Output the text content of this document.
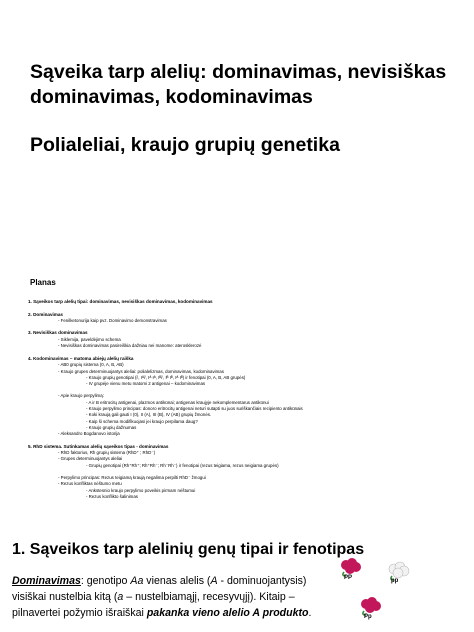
Sąveika tarp alelių: dominavimas, nevisiškas dominavimas, kodominavimas
Polialeliai, kraujo grupių genetika
Planas
1. Sąveikos tarp alelių tipai: dominavimas, nevisiškas dominavimas, kodominavimas
2. Dominavimas
- Fenilketonurija kaip pvz. Dominavimo demonstravimas
3. Nevisiškas dominavimas
- Siklemija, paveldėjimo schema
- Nevisiškas dominavimas pasireiškia dažniau nei manome: aterosklerozė
4. Kodominavimas – matoma abiejų alelių raiška
- AB0 grupių sistema (0, A, B, AB)
- Kraujo grupes determinuojantys aleliai: polialelizmas, dominavimas, kodominavimas
- Kraujo grupių genotipai (iⁱ, Iᴬiⁱ, Iᴬ Iᴬ, Iᴮiⁱ, Iᴮ Iᴮ, Iᴬ Iᴮ) ir fenotipai (0, A, B, AB grupės)
- IV grupėje vienu metu matomi 2 antigenai – kodominavimas
- Apie kraujo perpylimą:
- A ir B eritrocitų antigenai, plazmos antikūnai; antigenas kraujyje nekomplementarus antikūnui
- Kraujo perpylimo principas: donoro eritrocitų antigenai neturi sutapti su juos suriškančiais recipiento antikūnais
- Koki kraują gali gauti I (0), II (A), III (B), IV (AB) grupių žmonės.
- Kaip ši schema modifikuojasi jei kraujo perpilama daug?
- Kraujo grupių dažnumas
- Aleksandro Bogdanovo istorija
5. RhD sistema. Sutinkamas alelių sąveikos tipas - dominavimas
- RhD faktorius, Rh grupių sistema (RhD⁺ ; RhD⁻)
- Grupes determinuojantys aleliai
- Grupių genotipai (Rh⁺Rh⁺; Rh⁺Rh⁻; Rh⁻Rh⁻) ir fenotipai (rezus teigiama, rezus neigiama grupės)
- Perpylimo principas: Rezus teigiamą kraują negalima perpilti RhD⁻ žmogui
- Rezus konfliktas nėštumo metu
- Ankstesnio kraujo perpylimo poveikis pirmam nėštumui
- Rezus konflikto šalinimas
1. Sąveikos tarp alelinių genų tipai ir fenotipas

Dominavimas: genotipo Aa vienas alelis (A - dominuojantysis) visiškai nustelbia kitą (a – nustelbiamąjį, recesyvųjį). Kitaip – pilnavertei požymio išraiškai pakanka vieno alelio A produkto.

PP	pp
Pp
